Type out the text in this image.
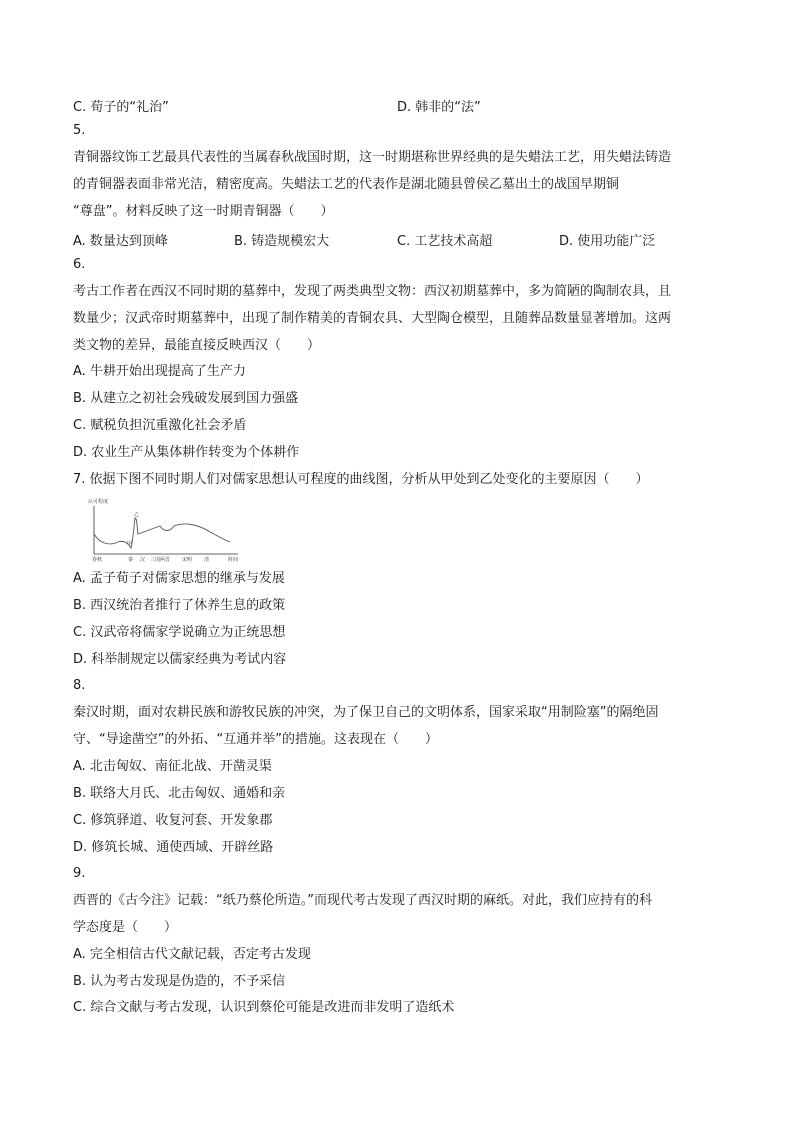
C. 荀子的“礼治”	D. 韩非的“法”
5.
青铜器纹饰工艺最具代表性的当属春秋战国时期，这一时期堪称世界经典的是失蜡法工艺，用失蜡法铸造
的青铜器表面非常光洁，精密度高。失蜡法工艺的代表作是湖北随县曾侯乙墓出土的战国早期铜
“尊盘”。材料反映了这一时期青铜器（　　）
A. 数量达到顶峰	B. 铸造规模宏大	C. 工艺技术高超	D. 使用功能广泛
6.
考古工作者在西汉不同时期的墓葬中，发现了两类典型文物：西汉初期墓葬中，多为简陋的陶制农具，且
数量少；汉武帝时期墓葬中，出现了制作精美的青铜农具、大型陶仓模型，且随葬品数量显著增加。这两
类文物的差异，最能直接反映西汉（　　）
A. 牛耕开始出现提高了生产力
B. 从建立之初社会残破发展到国力强盛
C. 赋税负担沉重激化社会矛盾
D. 农业生产从集体耕作转变为个体耕作
7. 依据下图不同时期人们对儒家思想认可程度的曲线图，分析从甲处到乙处变化的主要原因（　　）
认可程度
甲
乙
春秋	秦 汉 三国两晋 宋明 清	时间
A. 孟子荀子对儒家思想的继承与发展
B. 西汉统治者推行了休养生息的政策
C. 汉武帝将儒家学说确立为正统思想
D. 科举制规定以儒家经典为考试内容
8.
秦汉时期，面对农耕民族和游牧民族的冲突，为了保卫自己的文明体系，国家采取“用制险塞”的隔绝固
守、“导途凿空”的外拓、“互通并举”的措施。这表现在（　　）
A. 北击匈奴、南征北战、开凿灵渠
B. 联络大月氏、北击匈奴、通婚和亲
C. 修筑驿道、收复河套、开发象郡
D. 修筑长城、通使西域、开辟丝路
9.
西晋的《古今注》记载：“纸乃蔡伦所造。”而现代考古发现了西汉时期的麻纸。对此，我们应持有的科
学态度是（　　）
A. 完全相信古代文献记载，否定考古发现
B. 认为考古发现是伪造的，不予采信
C. 综合文献与考古发现，认识到蔡伦可能是改进而非发明了造纸术
